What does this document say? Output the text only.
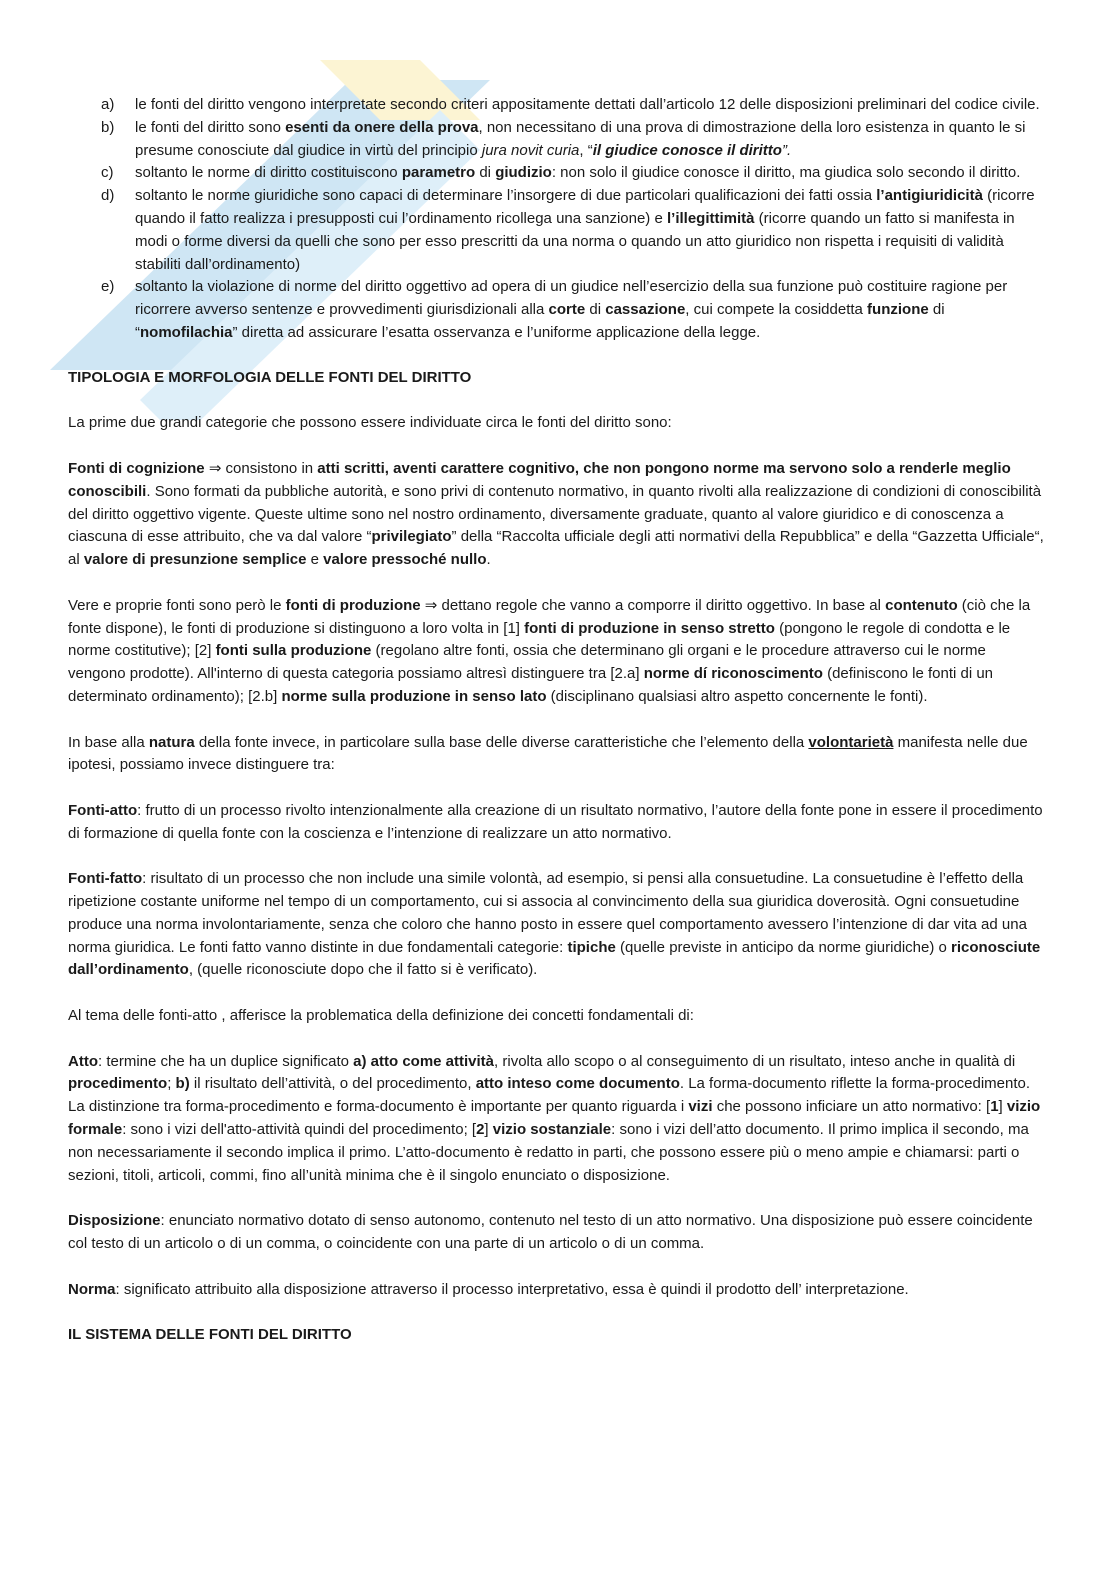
a) le fonti del diritto vengono interpretate secondo criteri appositamente dettati dall’articolo 12 delle disposizioni preliminari del codice civile.
b) le fonti del diritto sono esenti da onere della prova, non necessitano di una prova di dimostrazione della loro esistenza in quanto le si presume conosciute dal giudice in virtù del principio jura novit curia, “il giudice conosce il diritto”.
c) soltanto le norme di diritto costituiscono parametro di giudizio: non solo il giudice conosce il diritto, ma giudica solo secondo il diritto.
d) soltanto le norme giuridiche sono capaci di determinare l’insorgere di due particolari qualificazioni dei fatti ossia l’antigiuridicità (ricorre quando il fatto realizza i presupposti cui l’ordinamento ricollega una sanzione) e l’illegittimità (ricorre quando un fatto si manifesta in modi o forme diversi da quelli che sono per esso prescritti da una norma o quando un atto giuridico non rispetta i requisiti di validità stabiliti dall’ordinamento)
e) soltanto la violazione di norme del diritto oggettivo ad opera di un giudice nell’esercizio della sua funzione può costituire ragione per ricorrere avverso sentenze e provvedimenti giurisdizionali alla corte di cassazione, cui compete la cosiddetta funzione di “nomofilachia” diretta ad assicurare l’esatta osservanza e l’uniforme applicazione della legge.
TIPOLOGIA E MORFOLOGIA DELLE FONTI DEL DIRITTO

La prime due grandi categorie che possono essere individuate circa le fonti del diritto sono:

Fonti di cognizione ⇒ consistono in atti scritti, aventi carattere cognitivo, che non pongono norme ma servono solo a renderle meglio conoscibili. Sono formati da pubbliche autorità, e sono privi di contenuto normativo, in quanto rivolti alla realizzazione di condizioni di conoscibilità del diritto oggettivo vigente. Queste ultime sono nel nostro ordinamento, diversamente graduate, quanto al valore giuridico e di conoscenza a ciascuna di esse attribuito, che va dal valore “privilegiato” della “Raccolta ufficiale degli atti normativi della Repubblica” e della “Gazzetta Ufficiale“, al valore di presunzione semplice e valore pressoché nullo.

Vere e proprie fonti sono però le fonti di produzione ⇒ dettano regole che vanno a comporre il diritto oggettivo. In base al contenuto (ciò che la fonte dispone), le fonti di produzione si distinguono a loro volta in [1] fonti di produzione in senso stretto (pongono le regole di condotta e le norme costitutive); [2] fonti sulla produzione (regolano altre fonti, ossia che determinano gli organi e le procedure attraverso cui le norme vengono prodotte). All'interno di questa categoria possiamo altresì distinguere tra [2.a] norme dí riconoscimento (definiscono le fonti di un determinato ordinamento); [2.b] norme sulla produzione in senso lato (disciplinano qualsiasi altro aspetto concernente le fonti).

In base alla natura della fonte invece, in particolare sulla base delle diverse caratteristiche che l’elemento della volontarietà manifesta nelle due ipotesi, possiamo invece distinguere tra:

Fonti-atto: frutto di un processo rivolto intenzionalmente alla creazione di un risultato normativo, l’autore della fonte pone in essere il procedimento di formazione di quella fonte con la coscienza e l’intenzione di realizzare un atto normativo.

Fonti-fatto: risultato di un processo che non include una simile volontà, ad esempio, si pensi alla consuetudine. La consuetudine è l’effetto della ripetizione costante uniforme nel tempo di un comportamento, cui si associa al convincimento della sua giuridica doverosità. Ogni consuetudine produce una norma involontariamente, senza che coloro che hanno posto in essere quel comportamento avessero l’intenzione di dar vita ad una norma giuridica. Le fonti fatto vanno distinte in due fondamentali categorie: tipiche (quelle previste in anticipo da norme giuridiche) o riconosciute dall’ordinamento, (quelle riconosciute dopo che il fatto si è verificato).

Al tema delle fonti-atto , afferisce la problematica della definizione dei concetti fondamentali di:

Atto: termine che ha un duplice significato a) atto come attività, rivolta allo scopo o al conseguimento di un risultato, inteso anche in qualità di procedimento; b) il risultato dell’attività, o del procedimento, atto inteso come documento. La forma-documento riflette la forma-procedimento. La distinzione tra forma-procedimento e forma-documento è importante per quanto riguarda i vizi che possono inficiare un atto normativo: [1] vizio formale: sono i vizi dell'atto-attività quindi del procedimento; [2] vizio sostanziale: sono i vizi dell’atto documento. Il primo implica il secondo, ma non necessariamente il secondo implica il primo. L’atto-documento è redatto in parti, che possono essere più o meno ampie e chiamarsi: parti o sezioni, titoli, articoli, commi, fino all’unità minima che è il singolo enunciato o disposizione.

Disposizione: enunciato normativo dotato di senso autonomo, contenuto nel testo di un atto normativo. Una disposizione può essere coincidente col testo di un articolo o di un comma, o coincidente con una parte di un articolo o di un comma.

Norma: significato attribuito alla disposizione attraverso il processo interpretativo, essa è quindi il prodotto dell’ interpretazione.

IL SISTEMA DELLE FONTI DEL DIRITTO
